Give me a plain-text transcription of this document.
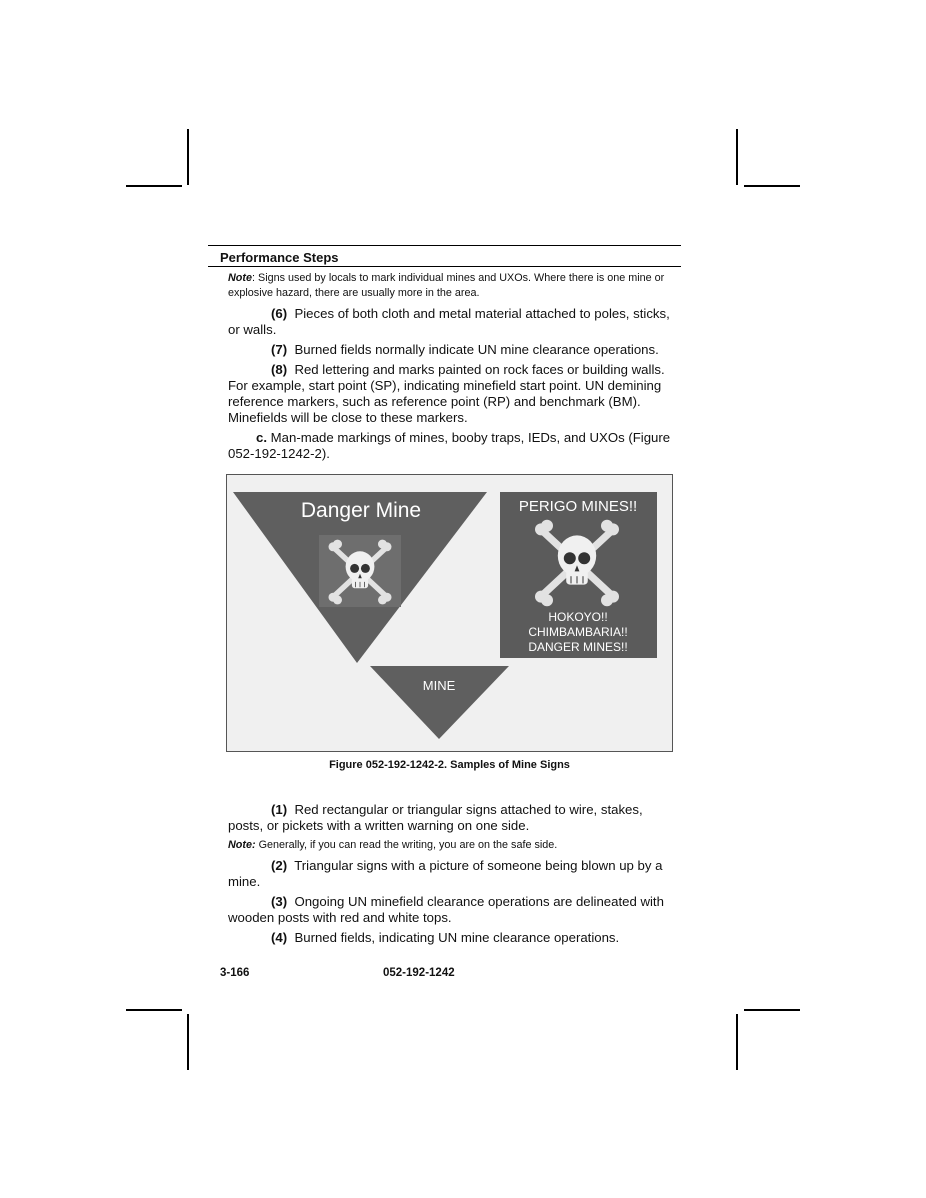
Performance Steps
Note: Signs used by locals to mark individual mines and UXOs. Where there is one mine or explosive hazard, there are usually more in the area.
(6) Pieces of both cloth and metal material attached to poles, sticks, or walls.
(7) Burned fields normally indicate UN mine clearance operations.
(8) Red lettering and marks painted on rock faces or building walls. For example, start point (SP), indicating minefield start point. UN demining reference markers, such as reference point (RP) and benchmark (BM). Minefields will be close to these markers.
c. Man-made markings of mines, booby traps, IEDs, and UXOs (Figure 052-192-1242-2).
Danger Mine
MINE
PERIGO MINES!!
HOKOYO!!
CHIMBAMBARIA!!
DANGER MINES!!
Figure 052-192-1242-2. Samples of Mine Signs
(1) Red rectangular or triangular signs attached to wire, stakes, posts, or pickets with a written warning on one side.
Note: Generally, if you can read the writing, you are on the safe side.
(2) Triangular signs with a picture of someone being blown up by a mine.
(3) Ongoing UN minefield clearance operations are delineated with wooden posts with red and white tops.
(4) Burned fields, indicating UN mine clearance operations.
3-166	052-192-1242
